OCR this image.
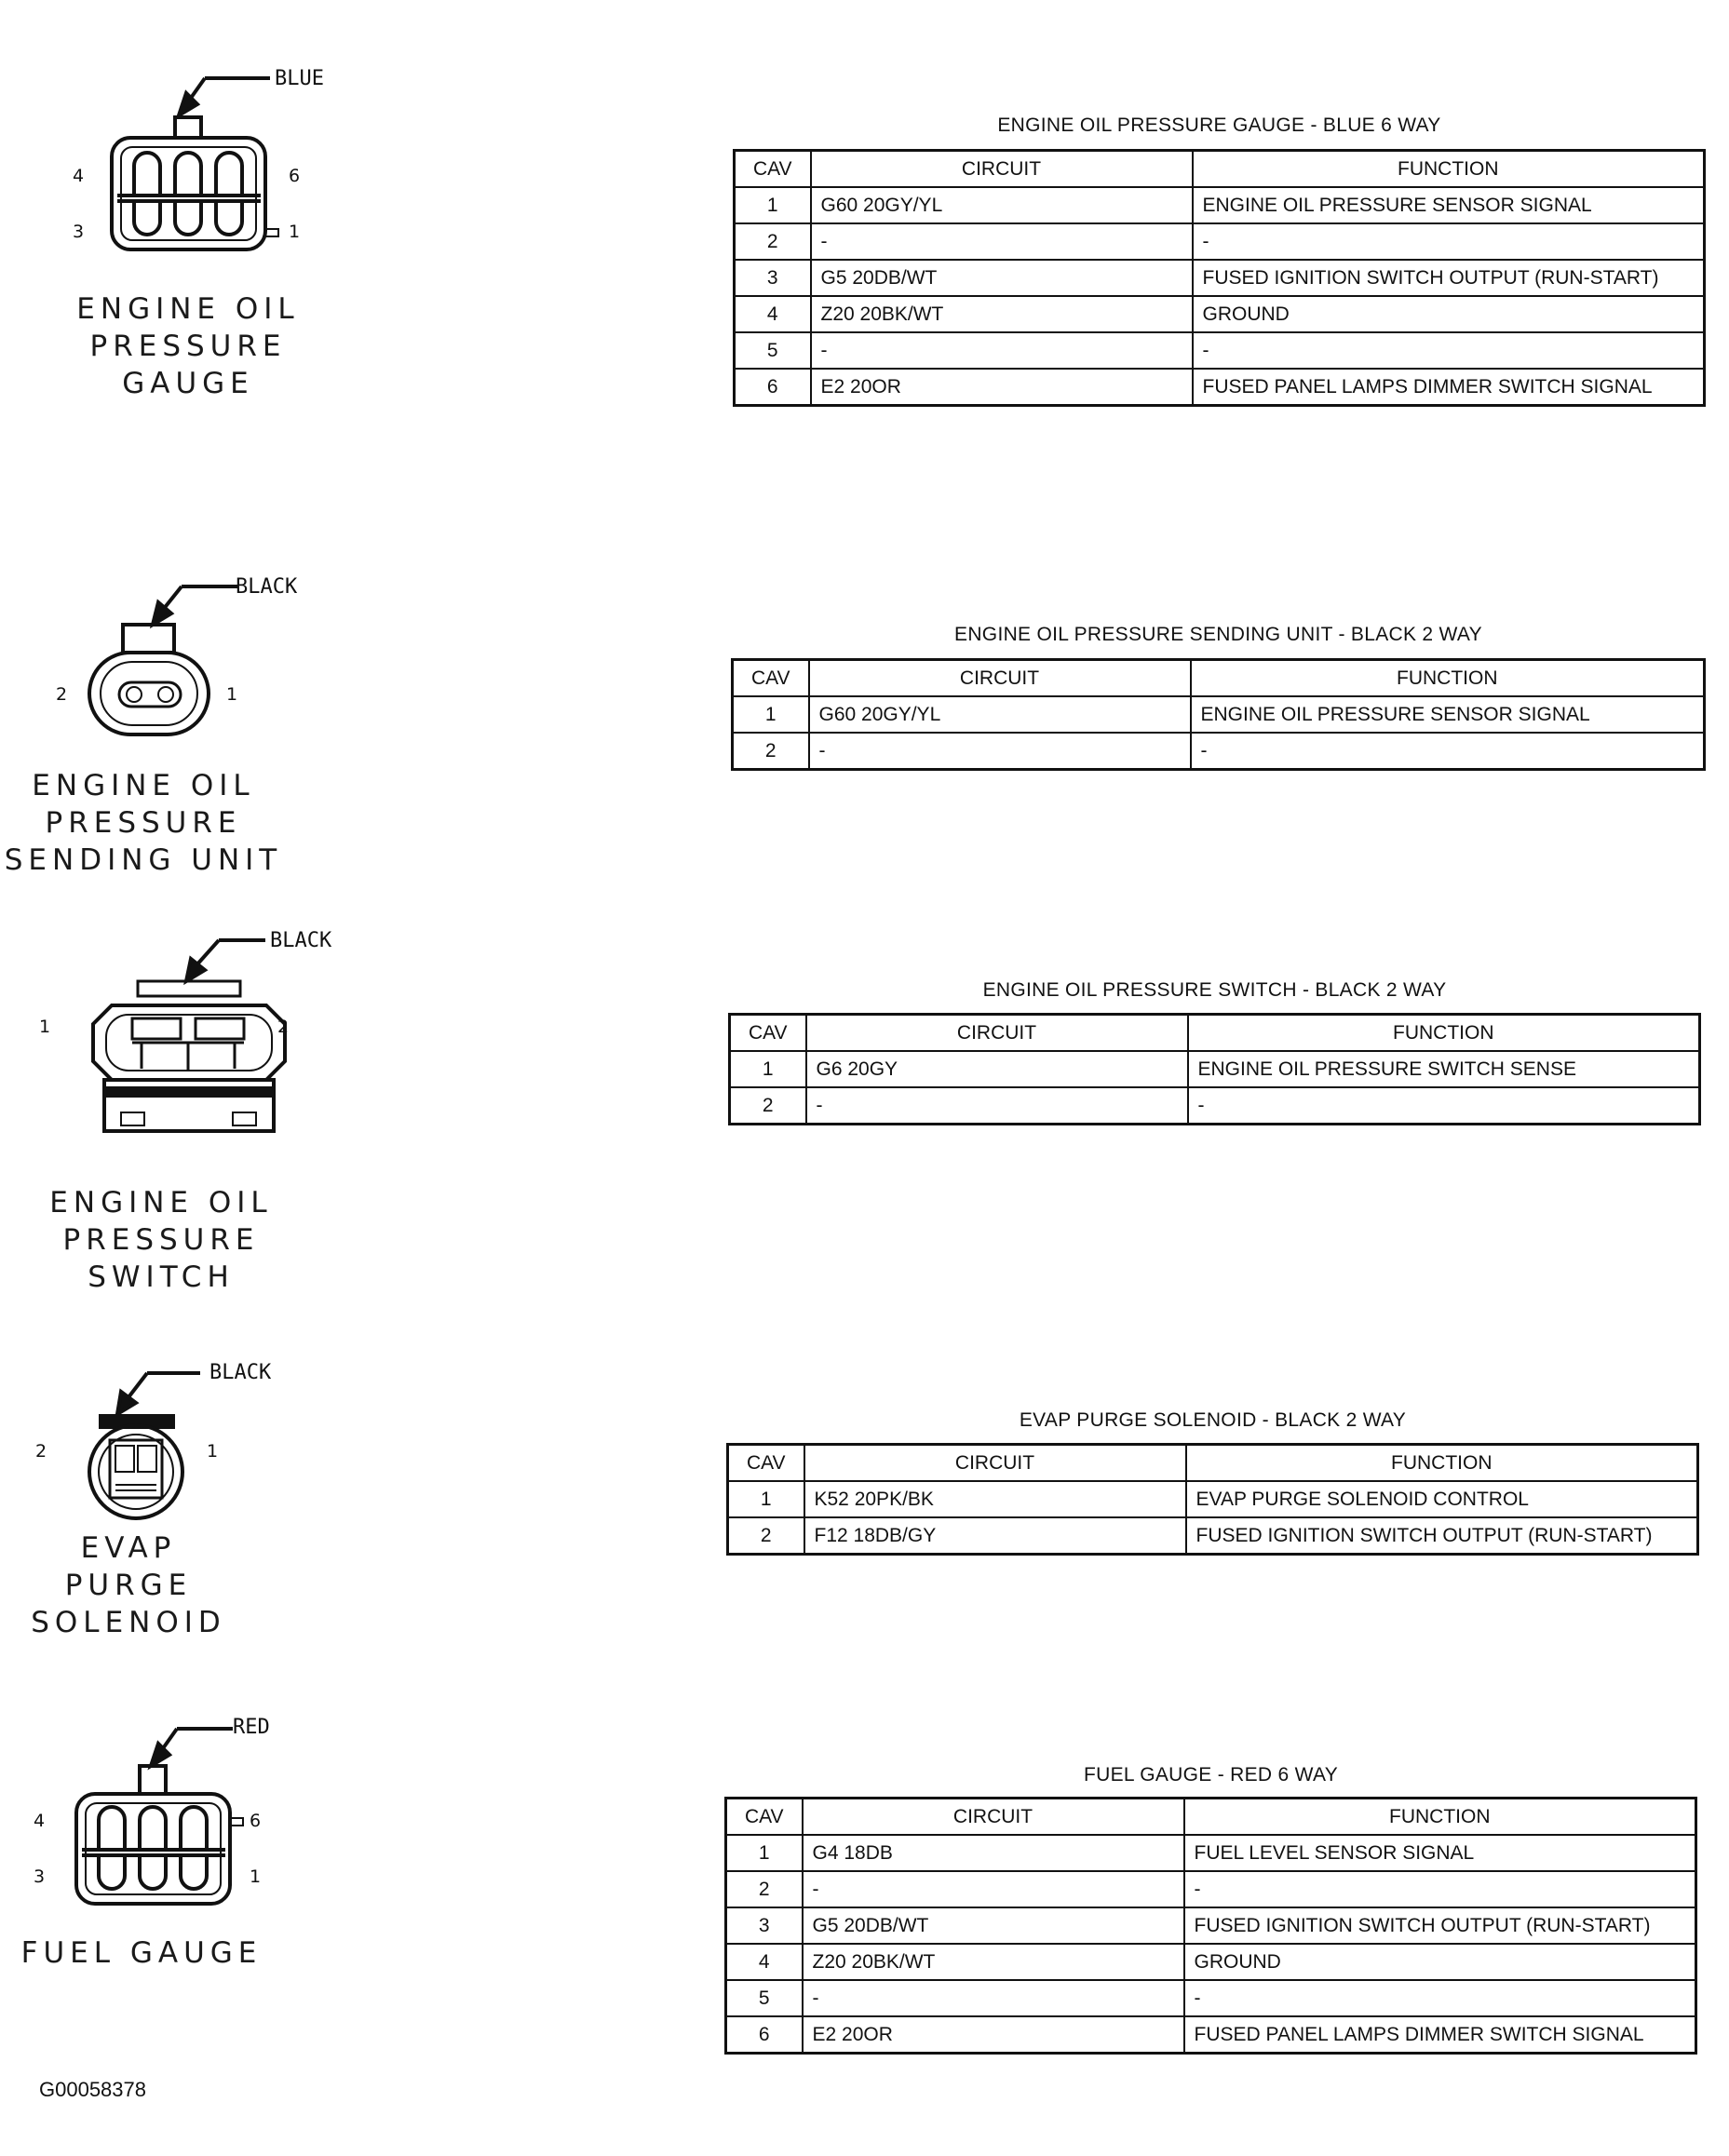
BLUE
4	6
3	1
ENGINE OIL
PRESSURE
GAUGE
ENGINE OIL PRESSURE GAUGE - BLUE 6 WAY
CAV	CIRCUIT	FUNCTION
1	G60 20GY/YL	ENGINE OIL PRESSURE SENSOR SIGNAL
2	-	-
3	G5 20DB/WT	FUSED IGNITION SWITCH OUTPUT (RUN-START)
4	Z20 20BK/WT	GROUND
5	-	-
6	E2 20OR	FUSED PANEL LAMPS DIMMER SWITCH SIGNAL
BLACK
2	1
ENGINE OIL
PRESSURE
SENDING UNIT
ENGINE OIL PRESSURE SENDING UNIT - BLACK 2 WAY
CAV	CIRCUIT	FUNCTION
1	G60 20GY/YL	ENGINE OIL PRESSURE SENSOR SIGNAL
2	-	-
BLACK
1	2
ENGINE OIL
PRESSURE
SWITCH
ENGINE OIL PRESSURE SWITCH - BLACK 2 WAY
CAV	CIRCUIT	FUNCTION
1	G6 20GY	ENGINE OIL PRESSURE SWITCH SENSE
2	-	-
BLACK
2	1
EVAP
PURGE
SOLENOID
EVAP PURGE SOLENOID - BLACK 2 WAY
CAV	CIRCUIT	FUNCTION
1	K52 20PK/BK	EVAP PURGE SOLENOID CONTROL
2	F12 18DB/GY	FUSED IGNITION SWITCH OUTPUT (RUN-START)
RED
4	6
3	1
FUEL GAUGE
FUEL GAUGE - RED 6 WAY
CAV	CIRCUIT	FUNCTION
1	G4 18DB	FUEL LEVEL SENSOR SIGNAL
2	-	-
3	G5 20DB/WT	FUSED IGNITION SWITCH OUTPUT (RUN-START)
4	Z20 20BK/WT	GROUND
5	-	-
6	E2 20OR	FUSED PANEL LAMPS DIMMER SWITCH SIGNAL
G00058378
